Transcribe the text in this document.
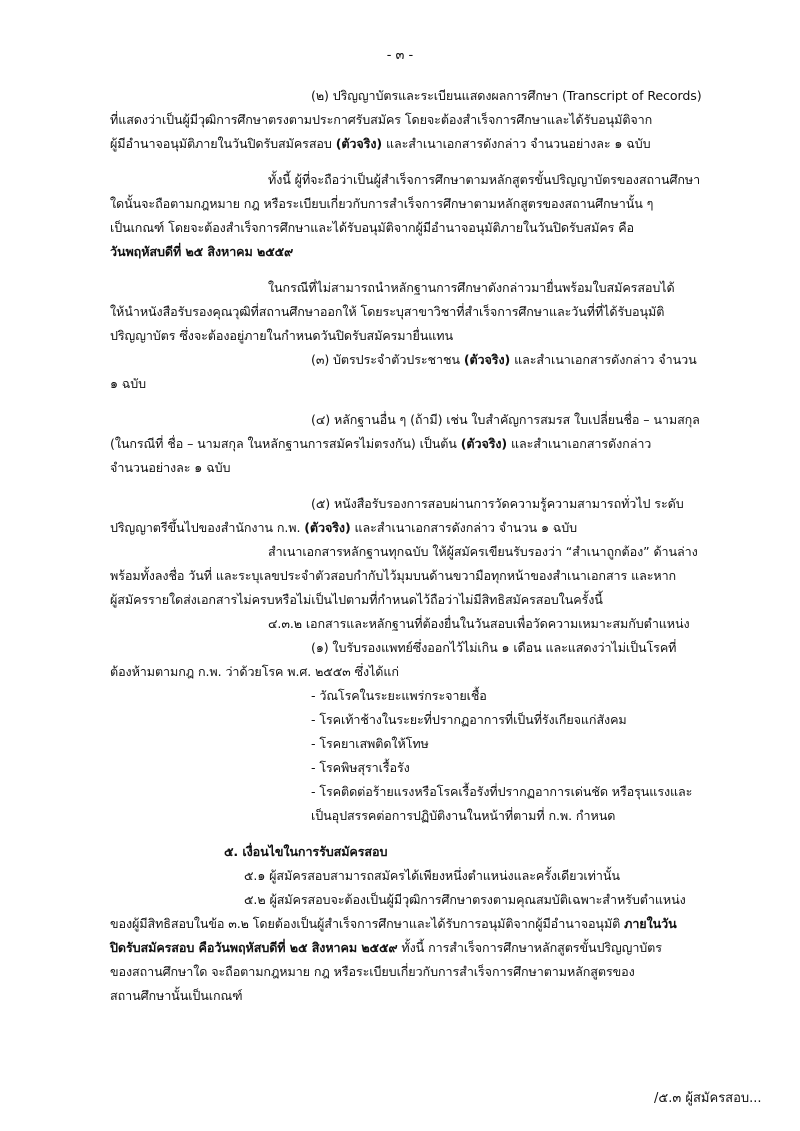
- ๓ -
(๒) ปริญญาบัตรและระเบียนแสดงผลการศึกษา (Transcript of Records)
ที่แสดงว่าเป็นผู้มีวุฒิการศึกษาตรงตามประกาศรับสมัคร โดยจะต้องสำเร็จการศึกษาและได้รับอนุมัติจาก
ผู้มีอำนาจอนุมัติภายในวันปิดรับสมัครสอบ (ตัวจริง) และสำเนาเอกสารดังกล่าว จำนวนอย่างละ ๑ ฉบับ
ทั้งนี้ ผู้ที่จะถือว่าเป็นผู้สำเร็จการศึกษาตามหลักสูตรขั้นปริญญาบัตรของสถานศึกษา
ใดนั้นจะถือตามกฎหมาย กฎ หรือระเบียบเกี่ยวกับการสำเร็จการศึกษาตามหลักสูตรของสถานศึกษานั้น ๆ
เป็นเกณฑ์ โดยจะต้องสำเร็จการศึกษาและได้รับอนุมัติจากผู้มีอำนาจอนุมัติภายในวันปิดรับสมัคร คือ
วันพฤหัสบดีที่ ๒๕ สิงหาคม ๒๕๕๙
ในกรณีที่ไม่สามารถนำหลักฐานการศึกษาดังกล่าวมายื่นพร้อมใบสมัครสอบได้
ให้นำหนังสือรับรองคุณวุฒิที่สถานศึกษาออกให้ โดยระบุสาขาวิชาที่สำเร็จการศึกษาและวันที่ที่ได้รับอนุมัติ
ปริญญาบัตร ซึ่งจะต้องอยู่ภายในกำหนดวันปิดรับสมัครมายื่นแทน
(๓) บัตรประจำตัวประชาชน (ตัวจริง) และสำเนาเอกสารดังกล่าว จำนวน
๑ ฉบับ
(๔) หลักฐานอื่น ๆ (ถ้ามี) เช่น ใบสำคัญการสมรส ใบเปลี่ยนชื่อ – นามสกุล
(ในกรณีที่ ชื่อ – นามสกุล ในหลักฐานการสมัครไม่ตรงกัน) เป็นต้น (ตัวจริง) และสำเนาเอกสารดังกล่าว
จำนวนอย่างละ ๑ ฉบับ
(๕) หนังสือรับรองการสอบผ่านการวัดความรู้ความสามารถทั่วไป ระดับ
ปริญญาตรีขึ้นไปของสำนักงาน ก.พ. (ตัวจริง) และสำเนาเอกสารดังกล่าว จำนวน ๑ ฉบับ
สำเนาเอกสารหลักฐานทุกฉบับ ให้ผู้สมัครเขียนรับรองว่า “สำเนาถูกต้อง” ด้านล่าง
พร้อมทั้งลงชื่อ วันที่ และระบุเลขประจำตัวสอบกำกับไว้มุมบนด้านขวามือทุกหน้าของสำเนาเอกสาร และหาก
ผู้สมัครรายใดส่งเอกสารไม่ครบหรือไม่เป็นไปตามที่กำหนดไว้ถือว่าไม่มีสิทธิสมัครสอบในครั้งนี้
๔.๓.๒ เอกสารและหลักฐานที่ต้องยื่นในวันสอบเพื่อวัดความเหมาะสมกับตำแหน่ง
(๑) ใบรับรองแพทย์ซึ่งออกไว้ไม่เกิน ๑ เดือน และแสดงว่าไม่เป็นโรคที่
ต้องห้ามตามกฎ ก.พ. ว่าด้วยโรค พ.ศ. ๒๕๕๓ ซึ่งได้แก่
- วัณโรคในระยะแพร่กระจายเชื้อ
- โรคเท้าช้างในระยะที่ปรากฏอาการที่เป็นที่รังเกียจแก่สังคม
- โรคยาเสพติดให้โทษ
- โรคพิษสุราเรื้อรัง
- โรคติดต่อร้ายแรงหรือโรคเรื้อรังที่ปรากฏอาการเด่นชัด หรือรุนแรงและ
เป็นอุปสรรคต่อการปฏิบัติงานในหน้าที่ตามที่ ก.พ. กำหนด
๕. เงื่อนไขในการรับสมัครสอบ
๕.๑ ผู้สมัครสอบสามารถสมัครได้เพียงหนึ่งตำแหน่งและครั้งเดียวเท่านั้น
๕.๒ ผู้สมัครสอบจะต้องเป็นผู้มีวุฒิการศึกษาตรงตามคุณสมบัติเฉพาะสำหรับตำแหน่ง
ของผู้มีสิทธิสอบในข้อ ๓.๒ โดยต้องเป็นผู้สำเร็จการศึกษาและได้รับการอนุมัติจากผู้มีอำนาจอนุมัติ ภายในวัน
ปิดรับสมัครสอบ คือวันพฤหัสบดีที่ ๒๕ สิงหาคม ๒๕๕๙ ทั้งนี้ การสำเร็จการศึกษาหลักสูตรขั้นปริญญาบัตร
ของสถานศึกษาใด จะถือตามกฎหมาย กฎ หรือระเบียบเกี่ยวกับการสำเร็จการศึกษาตามหลักสูตรของ
สถานศึกษานั้นเป็นเกณฑ์
/๕.๓ ผู้สมัครสอบ...
